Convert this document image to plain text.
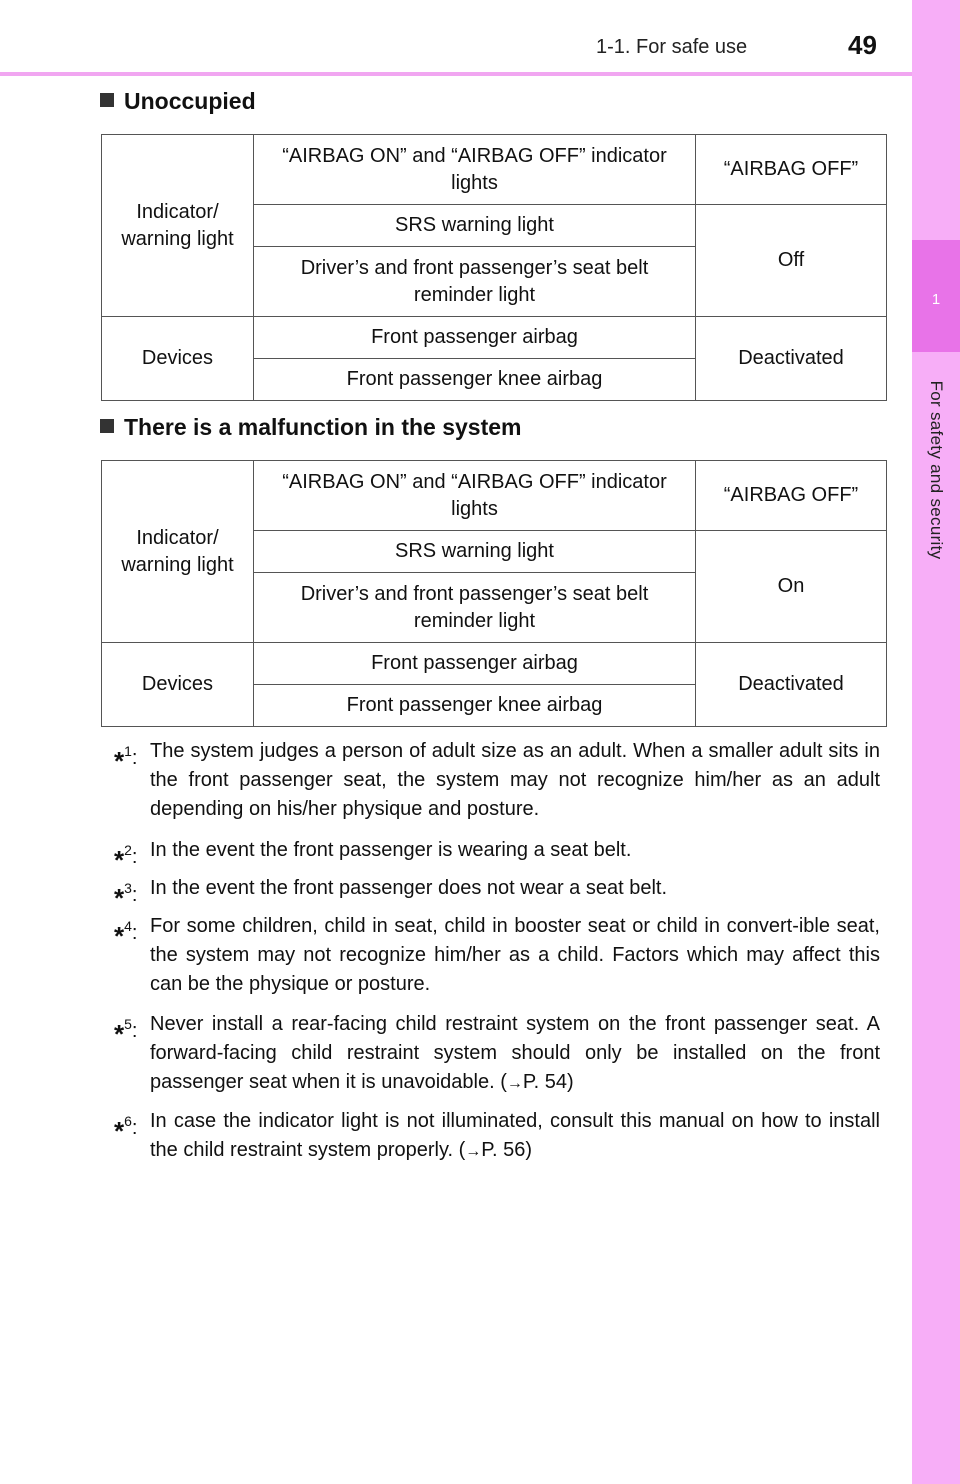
1-1. For safe use	49
1
For safety and security
Unoccupied
Indicator/ warning light	“AIRBAG ON” and “AIRBAG OFF” indicator lights	“AIRBAG OFF”
	SRS warning light	Off
	Driver’s and front passenger’s seat belt reminder light	
Devices	Front passenger airbag	Deactivated
	Front passenger knee airbag	
There is a malfunction in the system
Indicator/ warning light	“AIRBAG ON” and “AIRBAG OFF” indicator lights	“AIRBAG OFF”
	SRS warning light	On
	Driver’s and front passenger’s seat belt reminder light	
Devices	Front passenger airbag	Deactivated
	Front passenger knee airbag	
*$^1$: The system judges a person of adult size as an adult. When a smaller adult sits in the front passenger seat, the system may not recognize him/her as an adult depending on his/her physique and posture.
*$^2$: In the event the front passenger is wearing a seat belt.
*$^3$: In the event the front passenger does not wear a seat belt.
*$^4$: For some children, child in seat, child in booster seat or child in convert-ible seat, the system may not recognize him/her as a child. Factors which may affect this can be the physique or posture.
*$^5$: Never install a rear-facing child restraint system on the front passenger seat. A forward-facing child restraint system should only be installed on the front passenger seat when it is unavoidable. (→P. 54)
*$^6$: In case the indicator light is not illuminated, consult this manual on how to install the child restraint system properly. (→P. 56)
